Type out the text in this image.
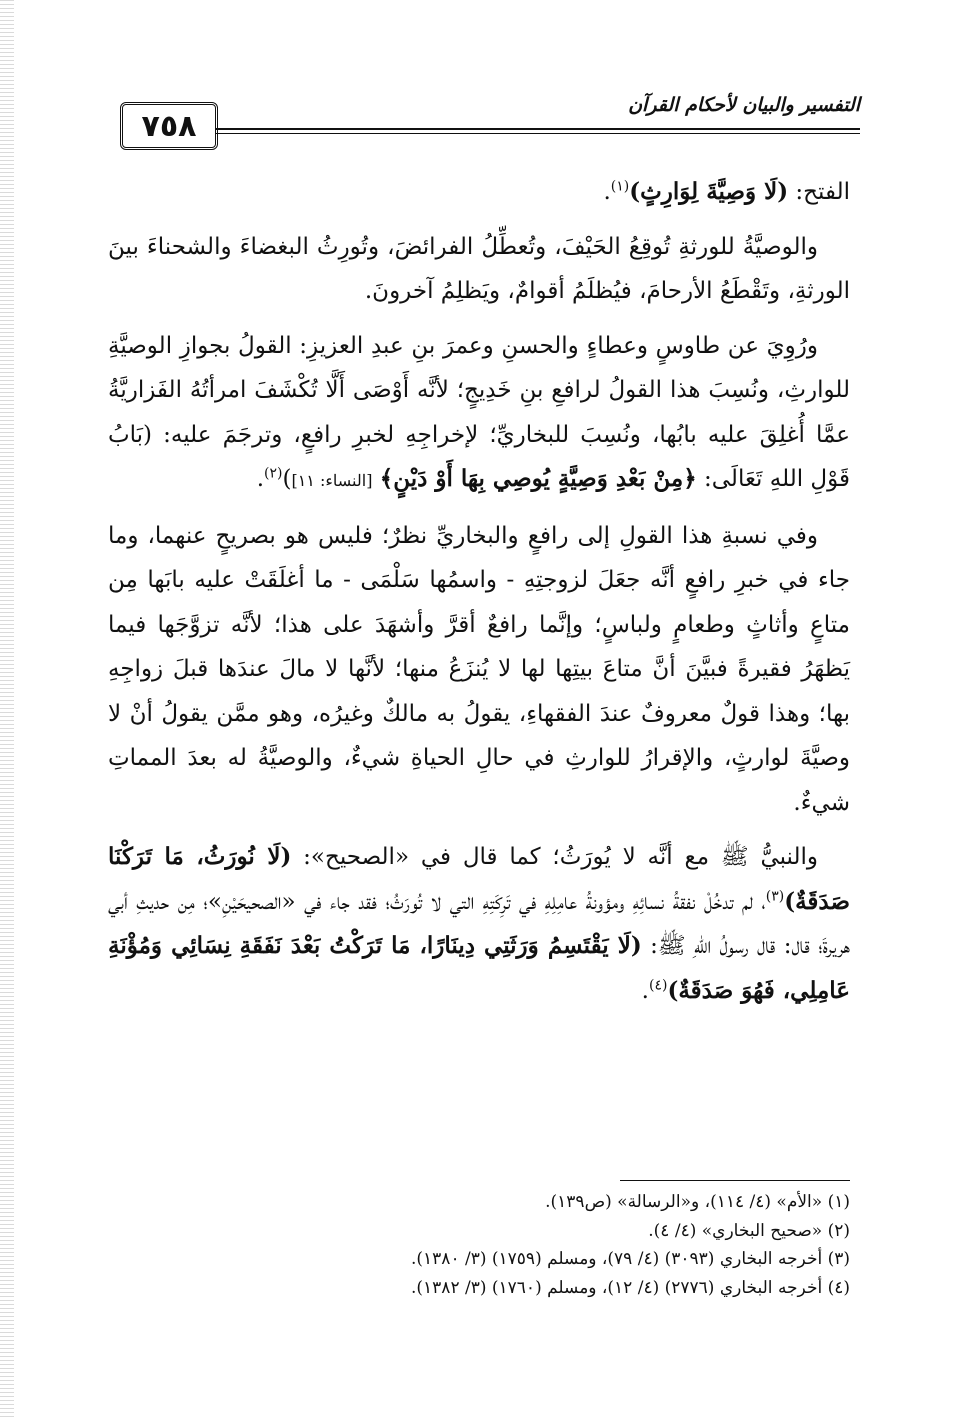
٧٥٨
التفسير والبيان لأحكام القرآن

الفتح: (لَا وَصِيَّةَ لِوَارِثٍ)$^{(١)}$.

والوصيَّةُ للورثةِ تُوقِعُ الحَيْفَ، وتُعطِّلُ الفرائضَ، وتُورِثُ البغضاءَ والشحناءَ بينَ الورثةِ، وتَقْطَعُ الأرحامَ، فيُظلَمُ أقوامٌ، ويَظلِمُ آخرونَ.

ورُوِيَ عن طاوسٍ وعطاءٍ والحسنِ وعمرَ بنِ عبدِ العزيزِ: القولُ بجوازِ الوصيَّةِ للوارثِ، ونُسِبَ هذا القولُ لرافعِ بنِ خَدِيجٍ؛ لأنَّه أَوْصَى أَلَّا تُكْشَفَ امرأتُهُ الفَزاريَّةُ عمَّا أُغلِقَ عليه بابُها، ونُسِبَ للبخاريِّ؛ لإخراجِهِ لخبرِ رافعٍ، وترجَمَ عليه: (بَابُ قَوْلِ اللهِ تَعَالَى: ﴿مِنْ بَعْدِ وَصِيَّةٍ يُوصِي بِهَا أَوْ دَيْنٍ﴾ [النساء: ١١])$^{(٢)}$.

وفي نسبةِ هذا القولِ إلى رافعٍ والبخاريِّ نظرٌ؛ فليس هو بصريحٍ عنهما، وما جاء في خبرِ رافعٍ أنَّه جعَلَ لزوجتِهِ - واسمُها سَلْمَى - ما أغلَقَتْ عليه بابَها مِن متاعٍ وأثاثٍ وطعامٍ ولباسٍ؛ وإنَّما رافعٌ أقرَّ وأشهَدَ على هذا؛ لأنَّه تزوَّجَها فيما يَظهَرُ فقيرةً فبيَّنَ أنَّ متاعَ بيتِها لها لا يُنزَعُ منها؛ لأنَّها لا مالَ عندَها قبلَ زواجِهِ بها؛ وهذا قولٌ معروفٌ عندَ الفقهاءِ، يقولُ به مالكٌ وغيرُه، وهو ممَّن يقولُ أنْ لا وصيَّةَ لوارثٍ، والإقرارُ للوارثِ في حالِ الحياةِ شيءٌ، والوصيَّةُ له بعدَ المماتِ شيءٌ.

والنبيُّ ﷺ مع أنَّه لا يُورَثُ؛ كما قال في «الصحيح»: (لَا نُورَثُ، مَا تَرَكْنَا صَدَقَةٌ)$^{(٣)}$، لم تدخُلْ نفقةُ نسائِهِ ومؤونةُ عامِلِهِ في تَرِكَتِهِ التي لا تُورَثُ؛ فقد جاء في «الصحيحَيْنِ»؛ مِن حديثِ أبي هريرةَ؛ قال: قال رسولُ اللهِ ﷺ: (لَا يَقْتَسِمُ وَرَثَتِي دِينَارًا، مَا تَرَكْتُ بَعْدَ نَفَقَةِ نِسَائِي وَمُؤْنَةِ عَامِلِي، فَهُوَ صَدَقَةٌ)$^{(٤)}$.

(١) «الأم» (٤/ ١١٤)، و«الرسالة» (ص١٣٩).
(٢) «صحيح البخاري» (٤/ ٤).
(٣) أخرجه البخاري (٣٠٩٣) (٤/ ٧٩)، ومسلم (١٧٥٩) (٣/ ١٣٨٠).
(٤) أخرجه البخاري (٢٧٧٦) (٤/ ١٢)، ومسلم (١٧٦٠) (٣/ ١٣٨٢).
